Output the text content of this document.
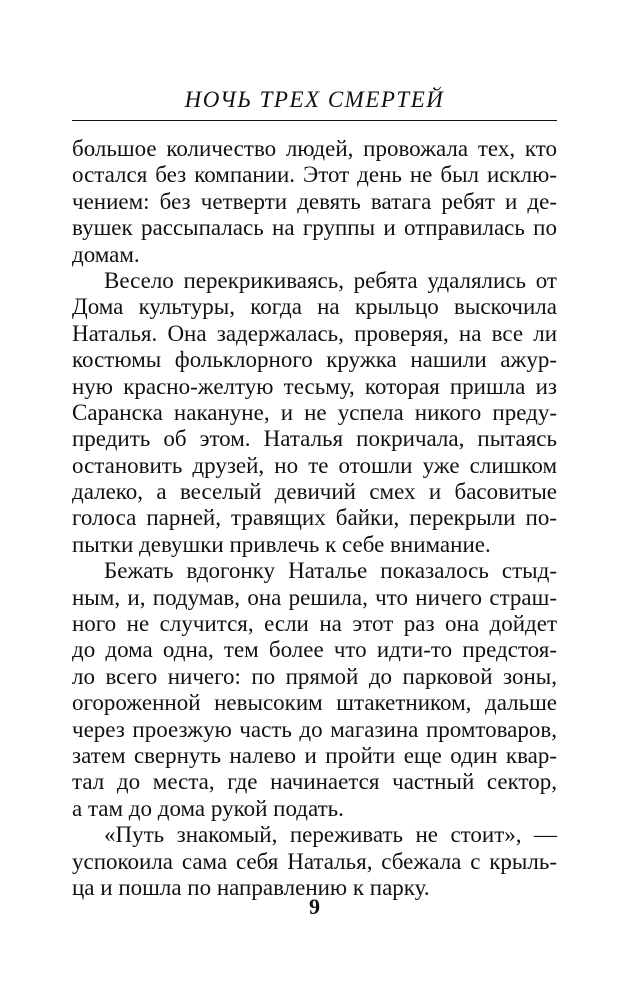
НОЧЬ ТРЕХ СМЕРТЕЙ
большое количество людей, провожала тех, кто
остался без компании. Этот день не был исклю-
чением: без четверти девять ватага ребят и де-
вушек рассыпалась на группы и отправилась по
домам.
Весело перекрикиваясь, ребята удалялись от
Дома культуры, когда на крыльцо выскочила
Наталья. Она задержалась, проверяя, на все ли
костюмы фольклорного кружка нашили ажур-
ную красно-желтую тесьму, которая пришла из
Саранска накануне, и не успела никого преду-
предить об этом. Наталья покричала, пытаясь
остановить друзей, но те отошли уже слишком
далеко, а веселый девичий смех и басовитые
голоса парней, травящих байки, перекрыли по-
пытки девушки привлечь к себе внимание.
Бежать вдогонку Наталье показалось стыд-
ным, и, подумав, она решила, что ничего страш-
ного не случится, если на этот раз она дойдет
до дома одна, тем более что идти-то предстоя-
ло всего ничего: по прямой до парковой зоны,
огороженной невысоким штакетником, дальше
через проезжую часть до магазина промтоваров,
затем свернуть налево и пройти еще один квар-
тал до места, где начинается частный сектор,
а там до дома рукой подать.
«Путь знакомый, переживать не стоит», —
успокоила сама себя Наталья, сбежала с крыль-
ца и пошла по направлению к парку.
9
